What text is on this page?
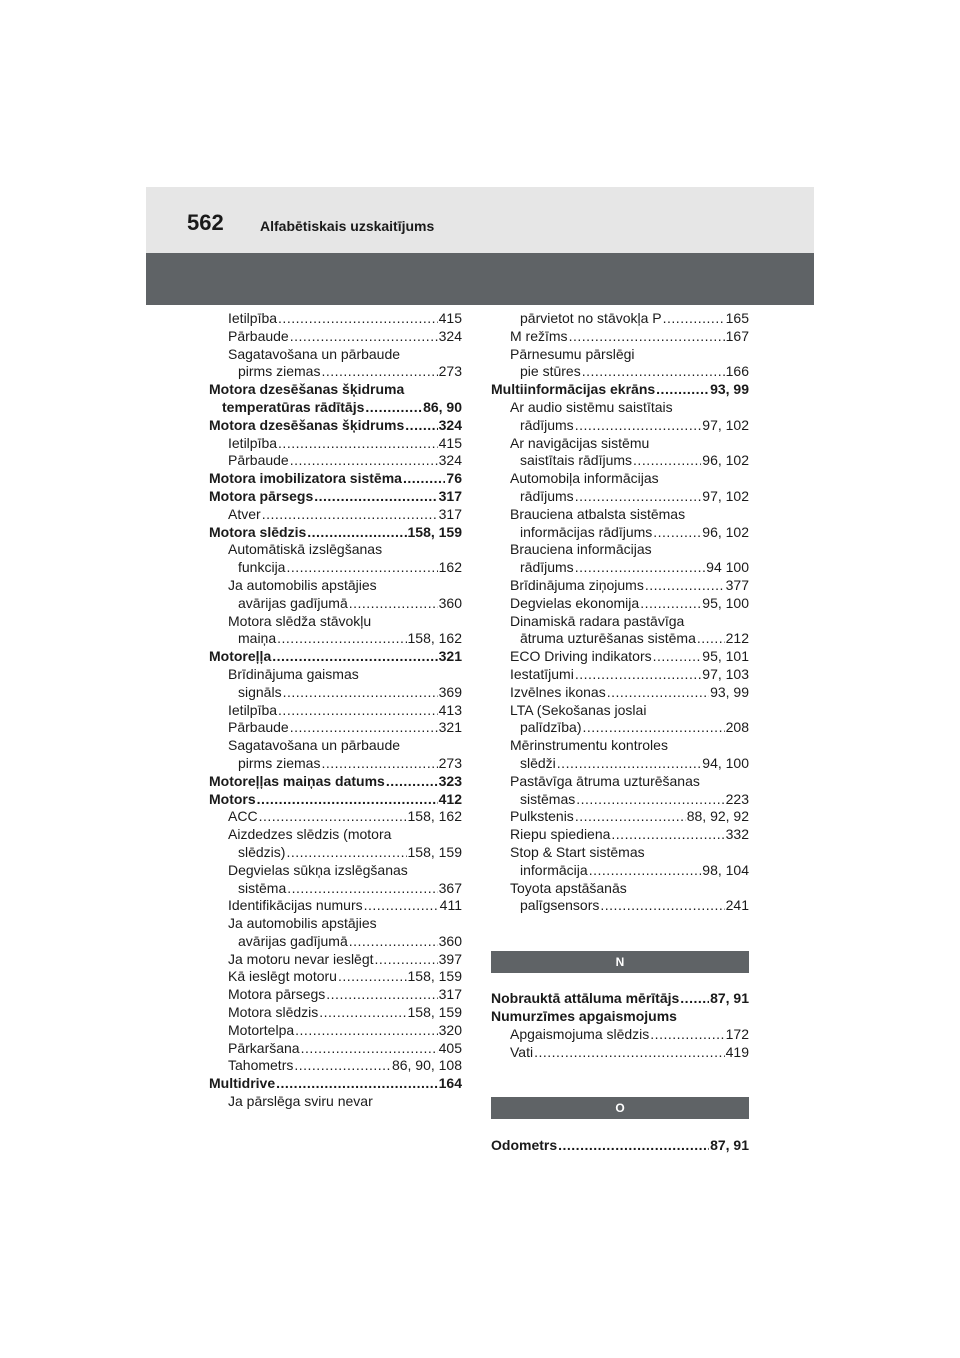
562	Alfabētiskais uzskaitījums
Ietilpība .....	415
Pārbaude .....	324
Sagatavošana un pārbaude
pirms ziemas .....	273
Motora dzesēšanas šķidruma
temperatūras rādītājs .....	86, 90
Motora dzesēšanas šķidrums ..... 324
Ietilpība .....	415
Pārbaude .....	324
Motora imobilizatora sistēma .....	76
Motora pārsegs .....	317
Atver .....	317
Motora slēdzis .....	158, 159
Automātiskā izslēgšanas
funkcija .....	162
Ja automobilis apstājies
avārijas gadījumā .....	360
Motora slēdža stāvokļu
maiņa .....	158, 162
Motoreļļa .....	321
Brīdinājuma gaismas
signāls .....	369
Ietilpība .....	413
Pārbaude .....	321
Sagatavošana un pārbaude
pirms ziemas .....	273
Motoreļļas maiņas datums .....	323
Motors .....	412
ACC .....	158, 162
Aizdedzes slēdzis (motora
slēdzis) .....	158, 159
Degvielas sūkņa izslēgšanas
sistēma .....	367
Identifikācijas numurs .....	411
Ja automobilis apstājies
avārijas gadījumā .....	360
Ja motoru nevar ieslēgt .....	397
Kā ieslēgt motoru .....	158, 159
Motora pārsegs .....	317
Motora slēdzis .....	158, 159
Motortelpa .....	320
Pārkaršana .....	405
Tahometrs .....	86, 90, 108
Multidrive .....	164
Ja pārslēga sviru nevar
pārvietot no stāvokļa P .....	165
M režīms .....	167
Pārnesumu pārslēgi
pie stūres .....	166
Multiinformācijas ekrāns .....	93, 99
Ar audio sistēmu saistītais
rādījums .....	97, 102
Ar navigācijas sistēmu
saistītais rādījums .....	96, 102
Automobiļa informācijas
rādījums .....	97, 102
Brauciena atbalsta sistēmas
informācijas rādījums .....	96, 102
Brauciena informācijas
rādījums .....	94 100
Brīdinājuma ziņojums .....	377
Degvielas ekonomija .....	95, 100
Dinamiskā radara pastāvīga
ātruma uzturēšanas sistēma ..... 212
ECO Driving indikators .....	95, 101
Iestatījumi .....	97, 103
Izvēlnes ikonas .....	93, 99
LTA (Sekošanas joslai
palīdzība) .....	208
Mērinstrumentu kontroles
slēdži .....	94, 100
Pastāvīga ātruma uzturēšanas
sistēmas .....	223
Pulkstenis .....	88, 92, 92
Riepu spiediena .....	332
Stop & Start sistēmas
informācija .....	98, 104
Toyota apstāšanās
palīgsensors .....	241
N
Nobrauktā attāluma mērītājs ..... 87, 91
Numurzīmes apgaismojums
Apgaismojuma slēdzis .....	172
Vati .....	419
O
Odometrs .....	87, 91
